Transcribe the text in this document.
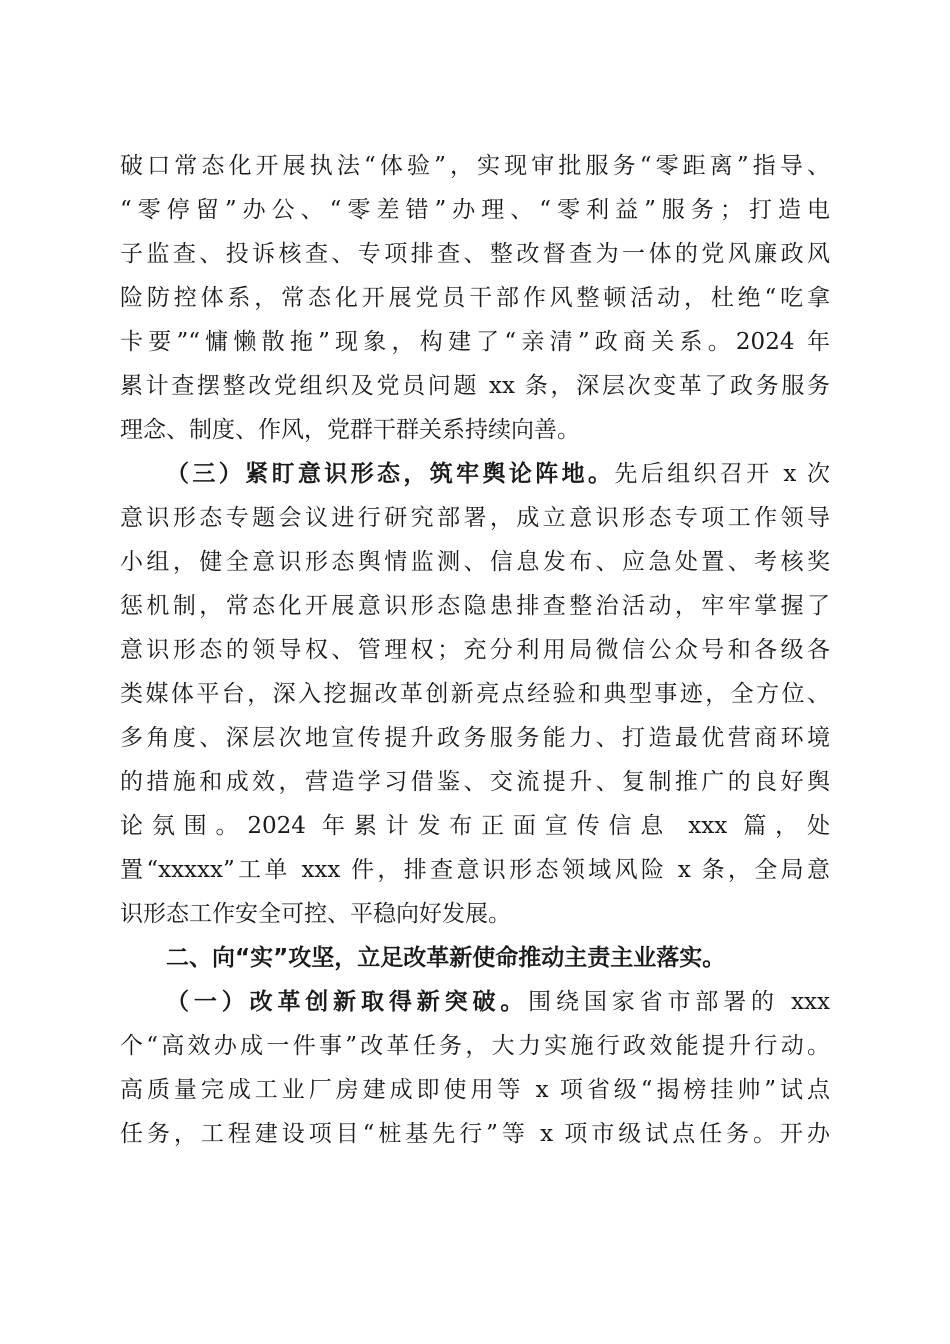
破口常态化开展执法“体验”，实现审批服务“零距离”指导、
“零停留”办公、“零差错”办理、“零利益”服务；打造电
子监查、投诉核查、专项排查、整改督查为一体的党风廉政风
险防控体系，常态化开展党员干部作风整顿活动，杜绝“吃拿
卡要”“慵懒散拖”现象，构建了“亲清”政商关系。2024 年
累计查摆整改党组织及党员问题 xx 条，深层次变革了政务服务
理念、制度、作风，党群干群关系持续向善。
（三）紧盯意识形态，筑牢舆论阵地。先后组织召开 x 次
意识形态专题会议进行研究部署，成立意识形态专项工作领导
小组，健全意识形态舆情监测、信息发布、应急处置、考核奖
惩机制，常态化开展意识形态隐患排查整治活动，牢牢掌握了
意识形态的领导权、管理权；充分利用局微信公众号和各级各
类媒体平台，深入挖掘改革创新亮点经验和典型事迹，全方位、
多角度、深层次地宣传提升政务服务能力、打造最优营商环境
的措施和成效，营造学习借鉴、交流提升、复制推广的良好舆
论氛围。2024 年累计发布正面宣传信息 xxx 篇，处
置“xxxxx”工单 xxx 件，排查意识形态领域风险 x 条，全局意
识形态工作安全可控、平稳向好发展。
二、向“实”攻坚，立足改革新使命推动主责主业落实。
（一）改革创新取得新突破。围绕国家省市部署的 xxx
个“高效办成一件事”改革任务，大力实施行政效能提升行动。
高质量完成工业厂房建成即使用等 x 项省级“揭榜挂帅”试点
任务，工程建设项目“桩基先行”等 x 项市级试点任务。开办
